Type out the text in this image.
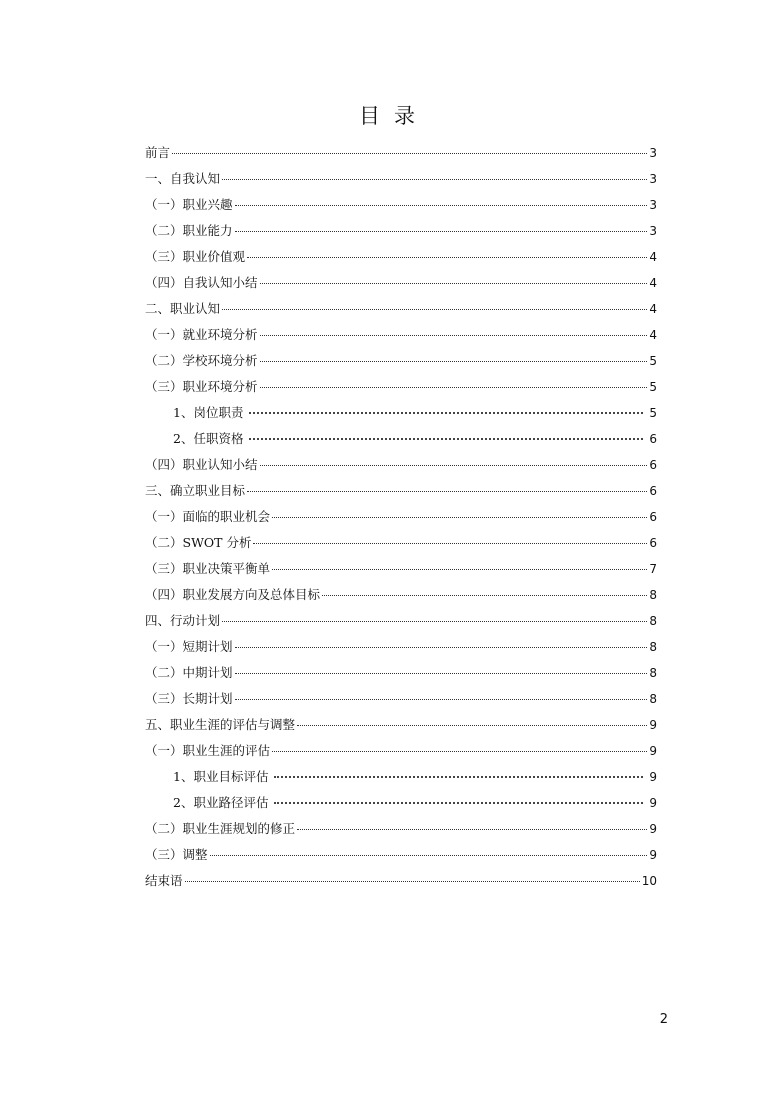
目录
前言	3
一、自我认知	3
（一）职业兴趣	3
（二）职业能力	3
（三）职业价值观	4
（四）自我认知小结	4
二、职业认知	4
（一）就业环境分析	4
（二）学校环境分析	5
（三）职业环境分析	5
1、岗位职责	5
2、任职资格	6
（四）职业认知小结	6
三、确立职业目标	6
（一）面临的职业机会	6
（二）SWOT 分析	6
（三）职业决策平衡单	7
（四）职业发展方向及总体目标	8
四、行动计划	8
（一）短期计划	8
（二）中期计划	8
（三）长期计划	8
五、职业生涯的评估与调整	9
（一）职业生涯的评估	9
1、职业目标评估	9
2、职业路径评估	9
（二）职业生涯规划的修正	9
（三）调整	9
结束语	10
2
